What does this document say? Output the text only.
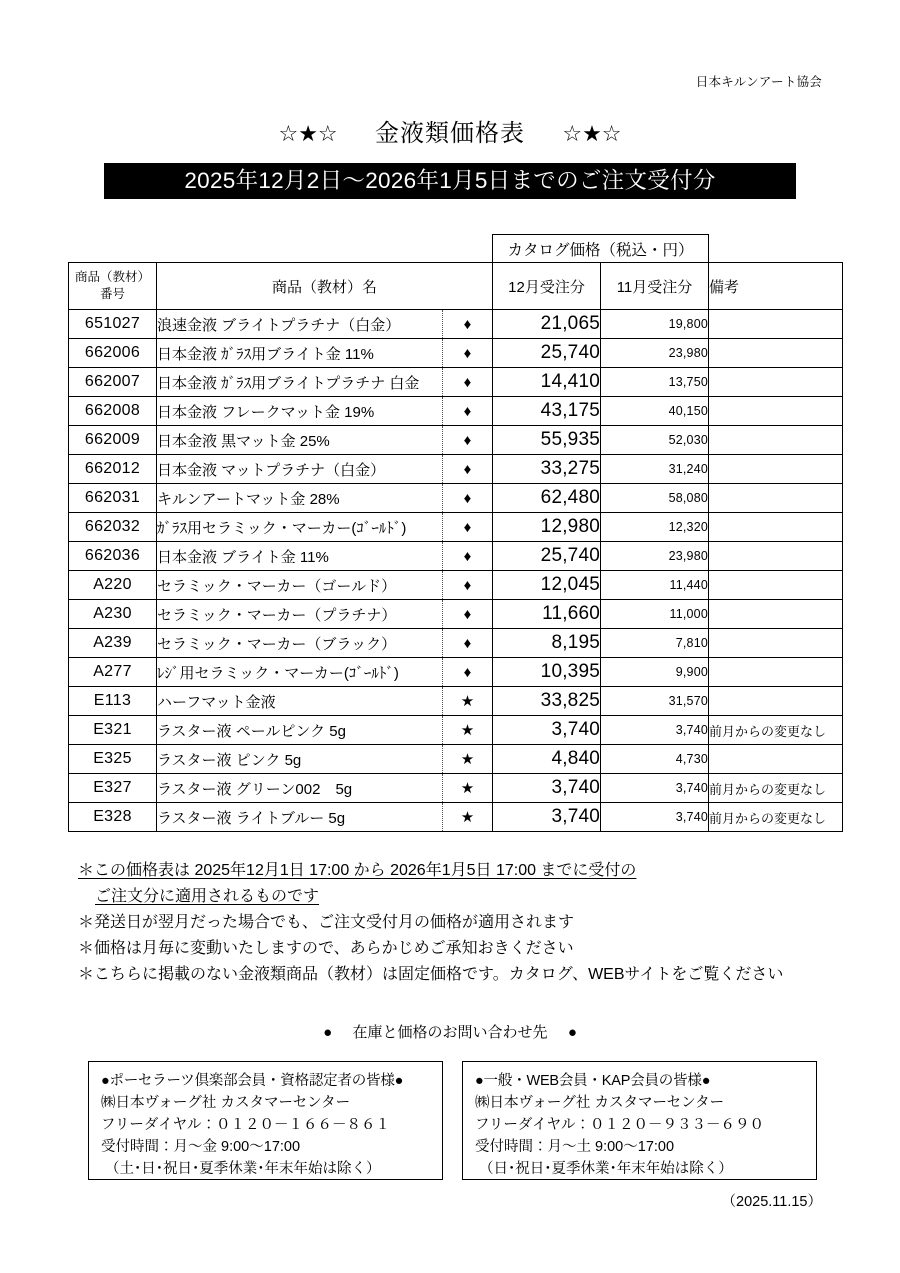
日本キルンアート協会
☆★☆ 金液類価格表 ☆★☆
2025年12月2日～2026年1月5日までのご注文受付分
			カタログ価格（税込・円）		

商品（教材）
番号	商品（教材）名		12月受注分	11月受注分	備考
651027	浪速金液 ブライトプラチナ（白金）	♦	21,065	19,800	
662006	日本金液 ｶﾞﾗｽ用ブライト金 11%	♦	25,740	23,980	
662007	日本金液 ｶﾞﾗｽ用ブライトプラチナ 白金	♦	14,410	13,750	
662008	日本金液 フレークマット金 19%	♦	43,175	40,150	
662009	日本金液 黒マット金 25%	♦	55,935	52,030	
662012	日本金液 マットプラチナ（白金）	♦	33,275	31,240	
662031	キルンアートマット金 28%	♦	62,480	58,080	
662032	ｶﾞﾗｽ用セラミック・マーカー(ｺﾞｰﾙﾄﾞ)	♦	12,980	12,320	
662036	日本金液 ブライト金 11%	♦	25,740	23,980	
A220	セラミック・マーカー（ゴールド）	♦	12,045	11,440	
A230	セラミック・マーカー（プラチナ）	♦	11,660	11,000	
A239	セラミック・マーカー（ブラック）	♦	8,195	7,810	
A277	ﾚｼﾞ用セラミック・マーカー(ｺﾞｰﾙﾄﾞ)	♦	10,395	9,900	
E113	ハーフマット金液	★	33,825	31,570	
E321	ラスター液 ペールピンク 5g	★	3,740	3,740	前月からの変更なし
E325	ラスター液 ピンク 5g	★	4,840	4,730	
E327	ラスター液 グリーン002　5g	★	3,740	3,740	前月からの変更なし
E328	ラスター液 ライトブルー 5g	★	3,740	3,740	前月からの変更なし
＊この価格表は 2025年12月1日 17:00 から 2026年1月5日 17:00 までに受付の
ご注文分に適用されるものです
＊発送日が翌月だった場合でも、ご注文受付月の価格が適用されます
＊価格は月毎に変動いたしますので、あらかじめご承知おきください
＊こちらに掲載のない金液類商品（教材）は固定価格です。カタログ、WEBサイトをご覧ください
● 在庫と価格のお問い合わせ先 ●
●ポーセラーツ倶楽部会員・資格認定者の皆様●
㈱日本ヴォーグ社 カスタマーセンター
フリーダイヤル：０１２０－１６６－８６１
受付時間：月～金 9:00～17:00
（土･日･祝日･夏季休業･年末年始は除く）
●一般・WEB会員・KAP会員の皆様●
㈱日本ヴォーグ社 カスタマーセンター
フリーダイヤル：０１２０－９３３－６９０
受付時間：月～土 9:00～17:00
（日･祝日･夏季休業･年末年始は除く）
（2025.11.15）
